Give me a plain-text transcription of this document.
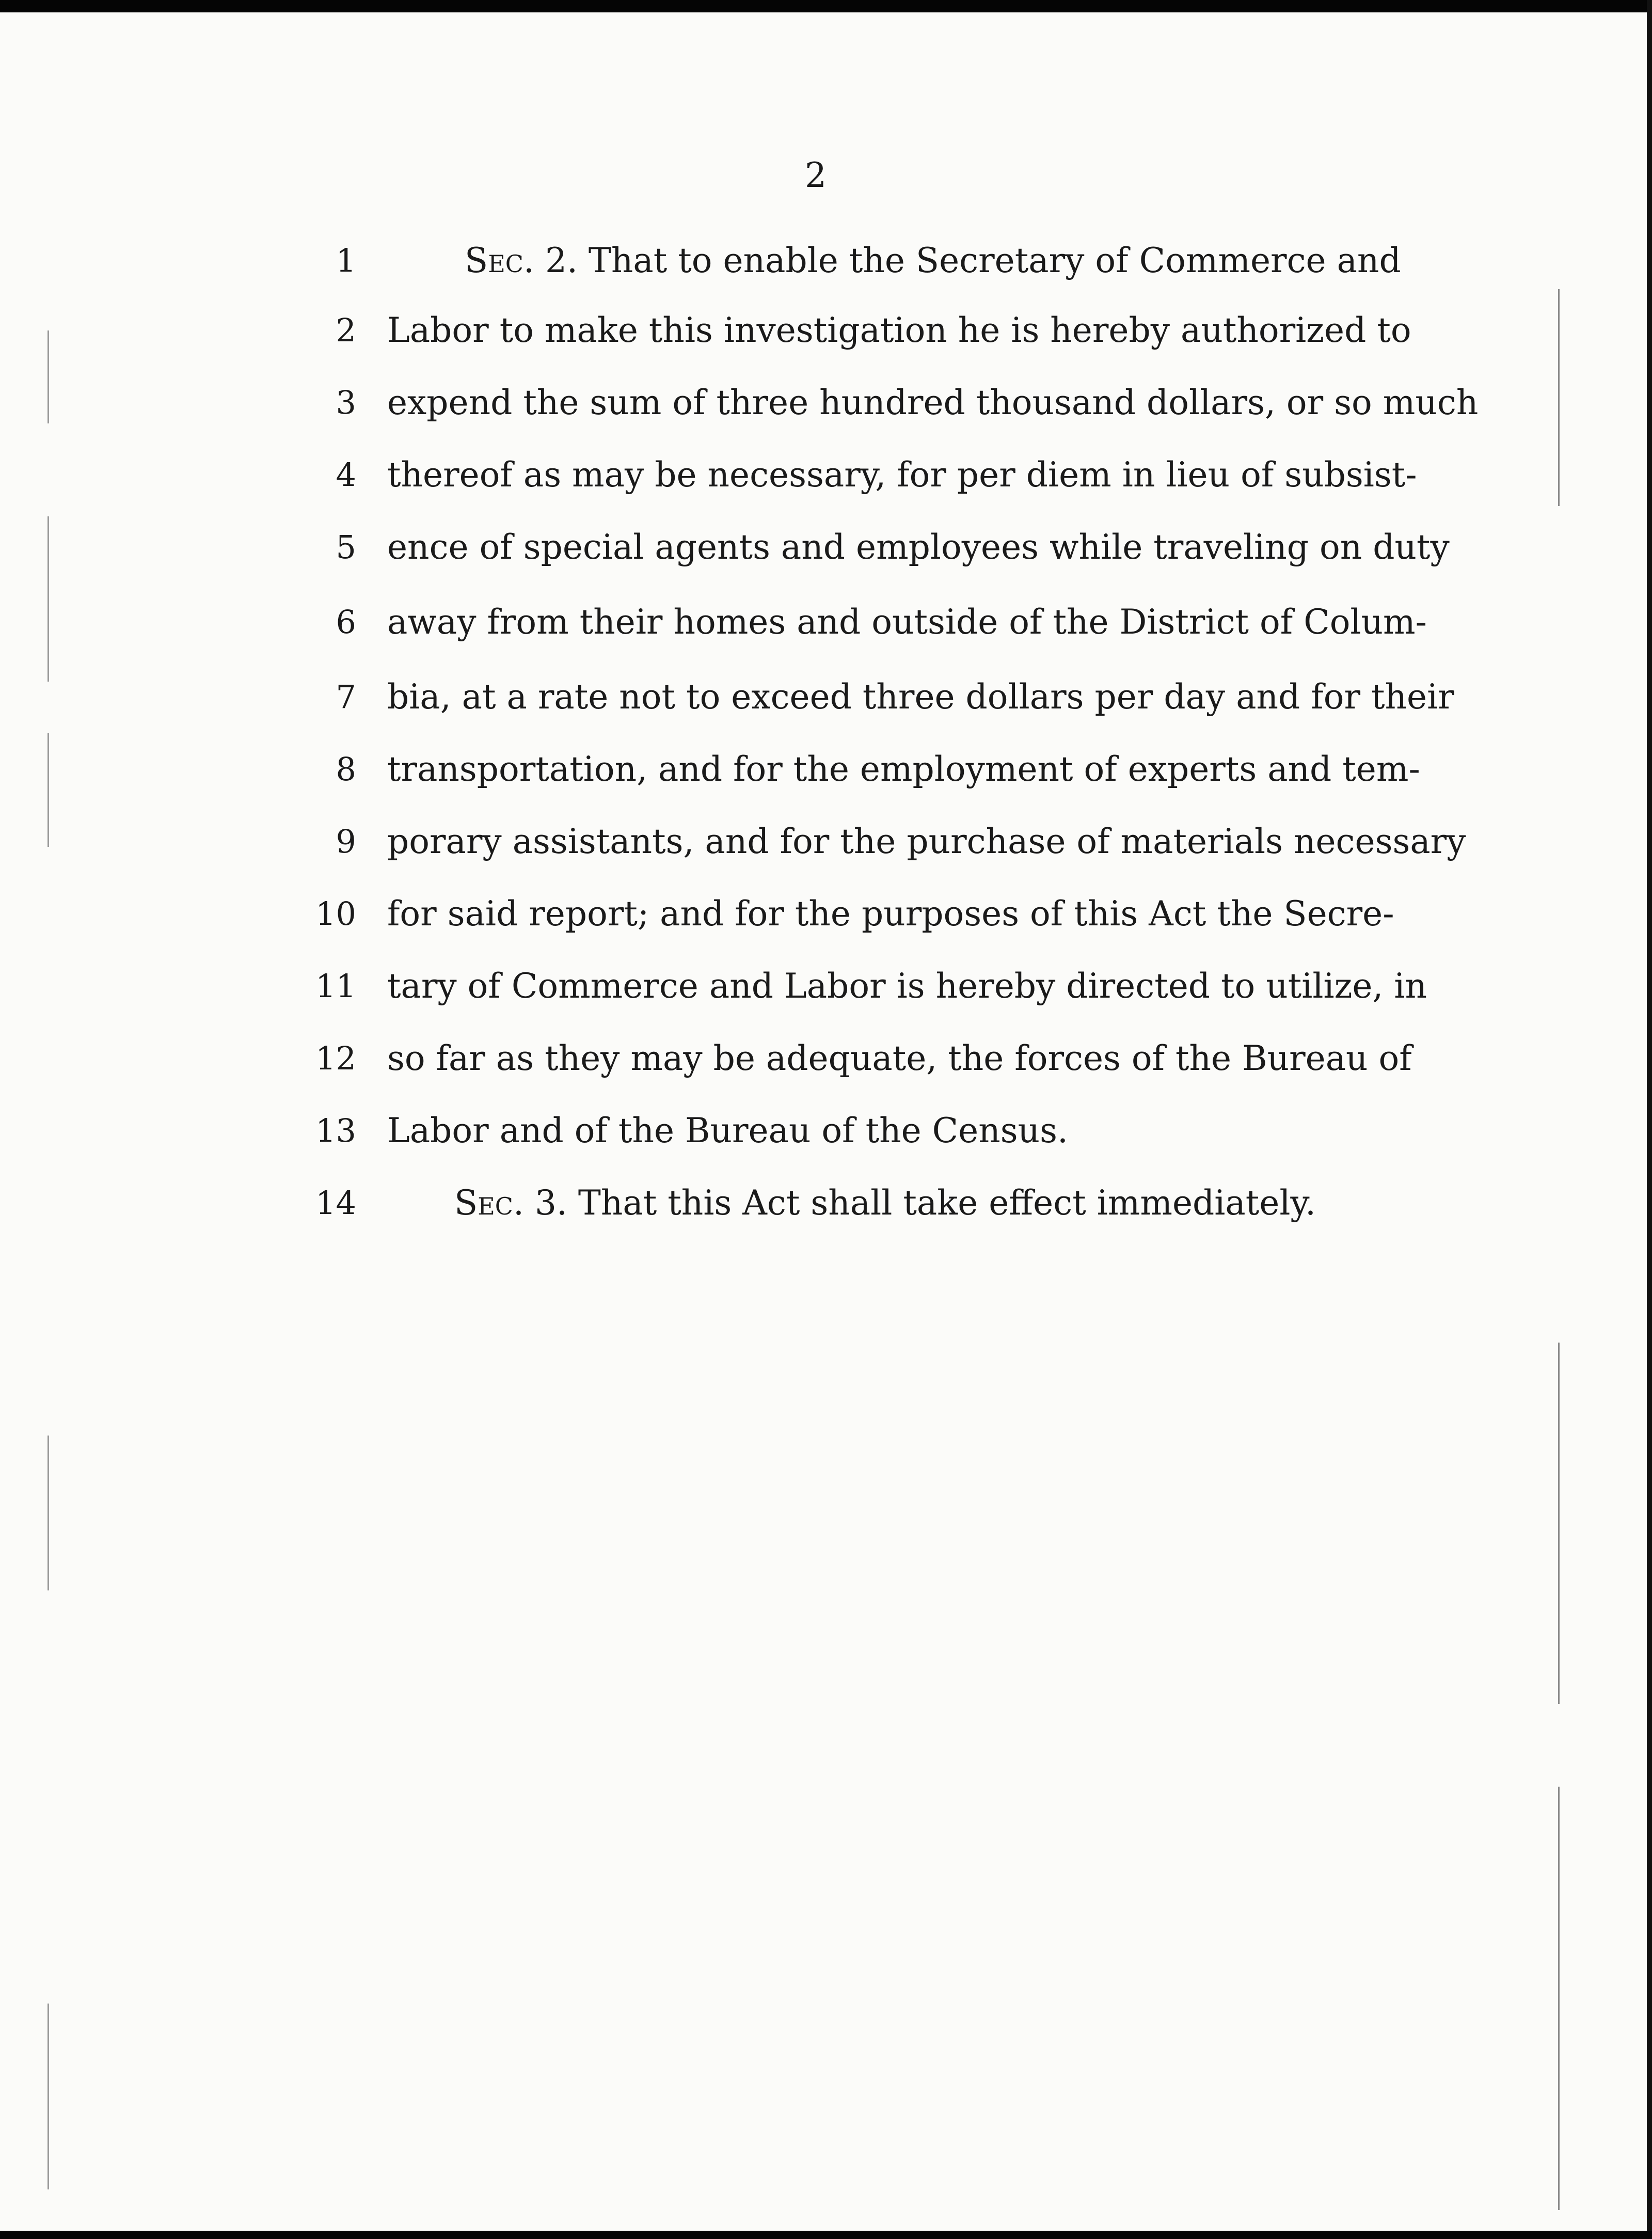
2
1	Sec. 2. That to enable the Secretary of Commerce and
2 Labor to make this investigation he is hereby authorized to
3 expend the sum of three hundred thousand dollars, or so much
4 thereof as may be necessary, for per diem in lieu of subsist-
5 ence of special agents and employees while traveling on duty
6 away from their homes and outside of the District of Colum-
7 bia, at a rate not to exceed three dollars per day and for their
8 transportation, and for the employment of experts and tem-
9 porary assistants, and for the purchase of materials necessary
10 for said report; and for the purposes of this Act the Secre-
11 tary of Commerce and Labor is hereby directed to utilize, in
12 so far as they may be adequate, the forces of the Bureau of
13 Labor and of the Bureau of the Census.
14	Sec. 3. That this Act shall take effect immediately.
